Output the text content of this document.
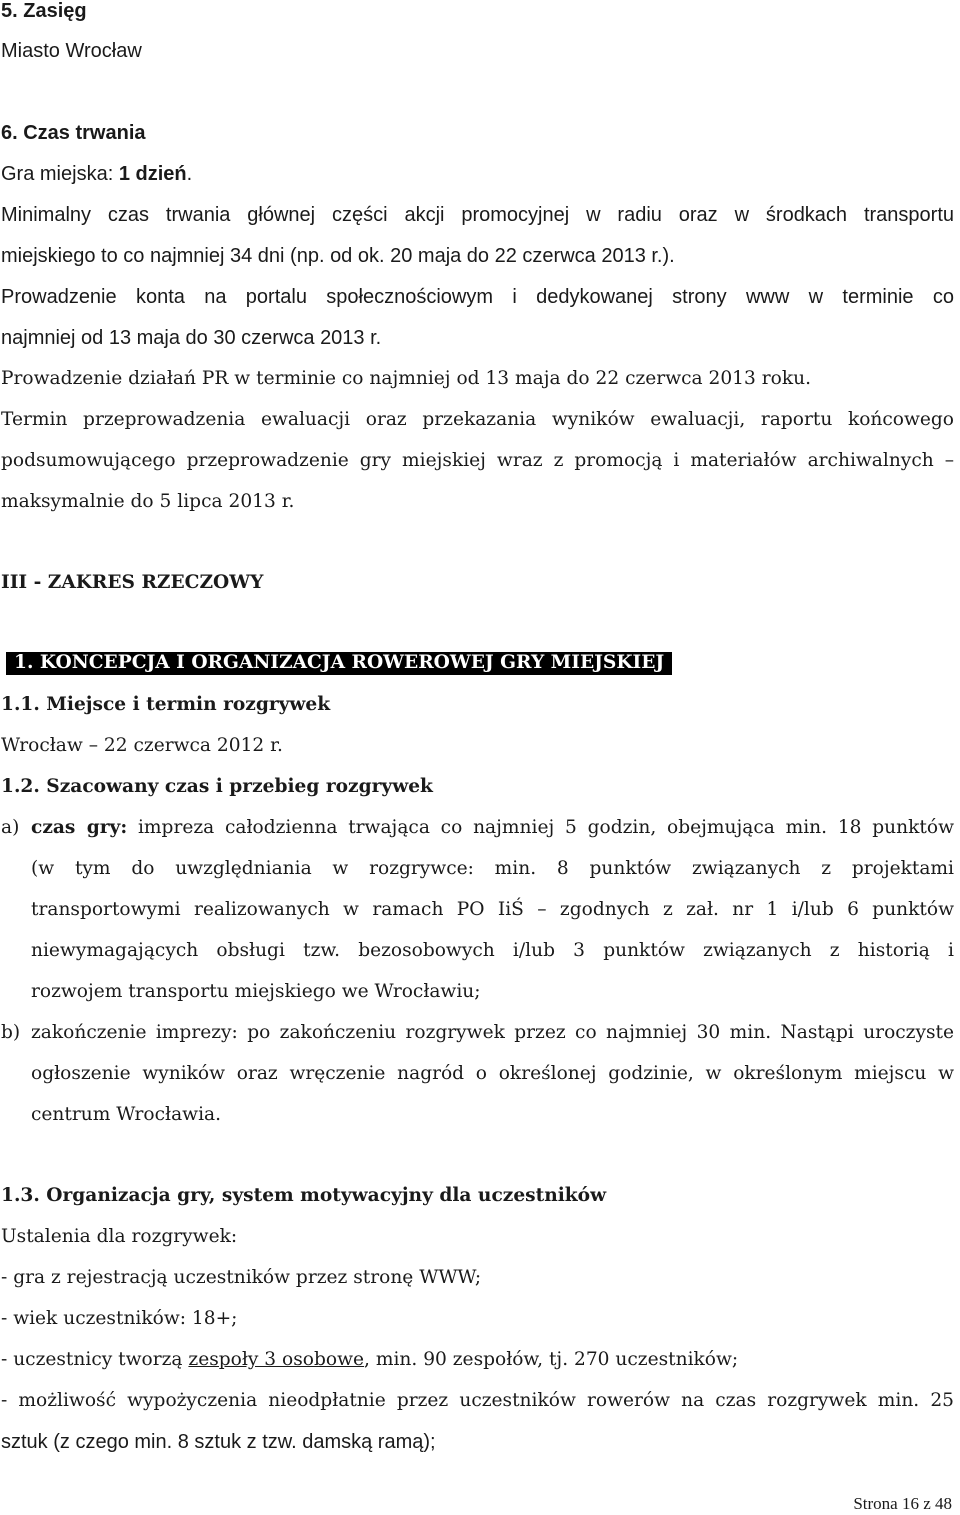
5. Zasięg
Miasto Wrocław
6. Czas trwania
Gra miejska: 1 dzień.
Minimalny czas trwania głównej części akcji promocyjnej w radiu oraz w środkach transportu
miejskiego to co najmniej 34 dni (np. od ok. 20 maja do 22 czerwca 2013 r.).
Prowadzenie konta na portalu społecznościowym i dedykowanej strony www w terminie co
najmniej od 13 maja do 30 czerwca 2013 r.
Prowadzenie działań PR w terminie co najmniej od 13 maja do 22 czerwca 2013 roku.
Termin przeprowadzenia ewaluacji oraz przekazania wyników ewaluacji, raportu końcowego
podsumowującego przeprowadzenie gry miejskiej wraz z promocją i materiałów archiwalnych –
maksymalnie do 5 lipca 2013 r.
III - ZAKRES RZECZOWY
1. KONCEPCJA I ORGANIZACJA ROWEROWEJ GRY MIEJSKIEJ
1.1. Miejsce i termin rozgrywek
Wrocław – 22 czerwca 2012 r.
1.2. Szacowany czas i przebieg rozgrywek
a) czas gry: impreza całodzienna trwająca co najmniej 5 godzin, obejmująca min. 18 punktów
(w tym do uwzględniania w rozgrywce: min. 8 punktów związanych z projektami
transportowymi realizowanych w ramach PO IiŚ – zgodnych z zał. nr 1 i/lub 6 punktów
niewymagających obsługi tzw. bezosobowych i/lub 3 punktów związanych z historią i
rozwojem transportu miejskiego we Wrocławiu;
b) zakończenie imprezy: po zakończeniu rozgrywek przez co najmniej 30 min. Nastąpi uroczyste
ogłoszenie wyników oraz wręczenie nagród o określonej godzinie, w określonym miejscu w
centrum Wrocławia.
1.3. Organizacja gry, system motywacyjny dla uczestników
Ustalenia dla rozgrywek:
- gra z rejestracją uczestników przez stronę WWW;
- wiek uczestników: 18+;
- uczestnicy tworzą zespoły 3 osobowe, min. 90 zespołów, tj. 270 uczestników;
- możliwość wypożyczenia nieodpłatnie przez uczestników rowerów na czas rozgrywek min. 25
sztuk (z czego min. 8 sztuk z tzw. damską ramą);
Strona 16 z 48
